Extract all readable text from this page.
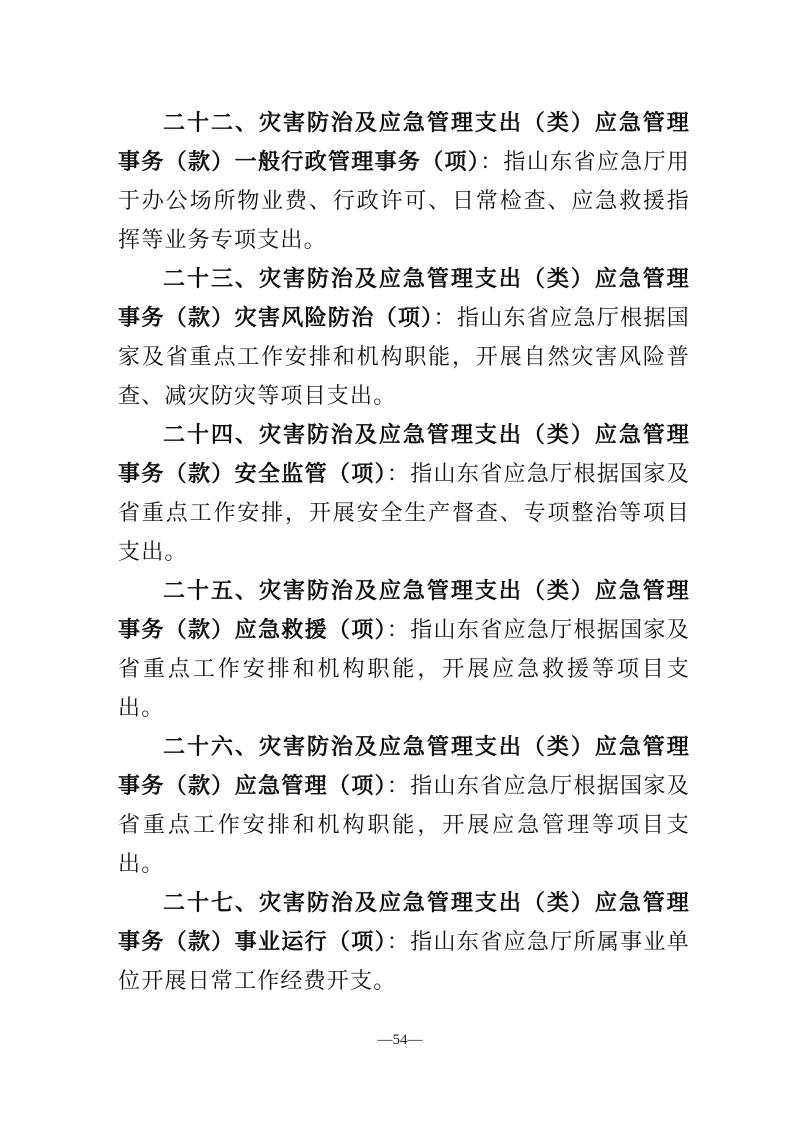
二十二、灾害防治及应急管理支出（类）应急管理事务（款）一般行政管理事务（项）：指山东省应急厅用于办公场所物业费、行政许可、日常检查、应急救援指挥等业务专项支出。

二十三、灾害防治及应急管理支出（类）应急管理事务（款）灾害风险防治（项）：指山东省应急厅根据国家及省重点工作安排和机构职能，开展自然灾害风险普查、减灾防灾等项目支出。

二十四、灾害防治及应急管理支出（类）应急管理事务（款）安全监管（项）：指山东省应急厅根据国家及省重点工作安排，开展安全生产督查、专项整治等项目支出。

二十五、灾害防治及应急管理支出（类）应急管理事务（款）应急救援（项）：指山东省应急厅根据国家及省重点工作安排和机构职能，开展应急救援等项目支出。

二十六、灾害防治及应急管理支出（类）应急管理事务（款）应急管理（项）：指山东省应急厅根据国家及省重点工作安排和机构职能，开展应急管理等项目支出。

二十七、灾害防治及应急管理支出（类）应急管理事务（款）事业运行（项）：指山东省应急厅所属事业单位开展日常工作经费开支。

—54—
